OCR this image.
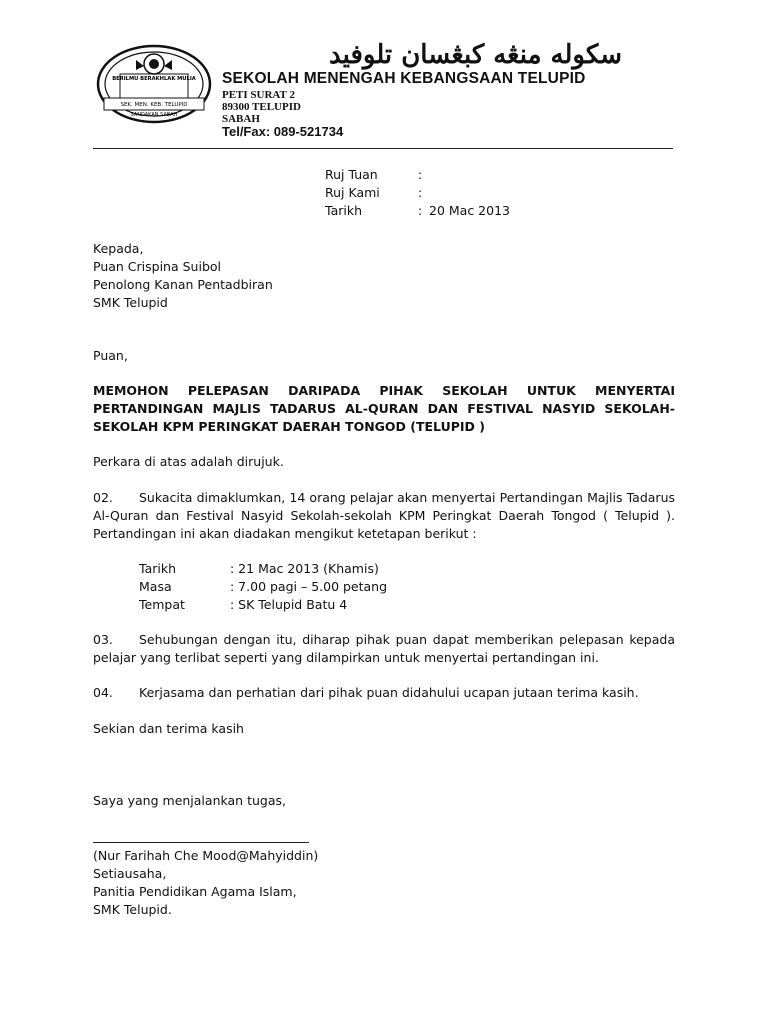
BERILMU BERAKHLAK MULIA
SEK. MEN. KEB. TELUPID
SANDAKAN SABAH
سكوله منڠه كبڠسان تلوفيد
SEKOLAH MENENGAH KEBANGSAAN TELUPID
PETI SURAT 2
89300 TELUPID
SABAH
Tel/Fax: 089-521734
Ruj Tuan	:
Ruj Kami	:
Tarikh	: 20 Mac 2013
Kepada,
Puan Crispina Suibol
Penolong Kanan Pentadbiran
SMK Telupid
Puan,
MEMOHON PELEPASAN DARIPADA PIHAK SEKOLAH UNTUK MENYERTAI PERTANDINGAN MAJLIS TADARUS AL-QURAN DAN FESTIVAL NASYID SEKOLAH-SEKOLAH KPM PERINGKAT DAERAH TONGOD (TELUPID )
Perkara di atas adalah dirujuk.
02. Sukacita dimaklumkan, 14 orang pelajar akan menyertai Pertandingan Majlis Tadarus Al-Quran dan Festival Nasyid Sekolah-sekolah KPM Peringkat Daerah Tongod ( Telupid ). Pertandingan ini akan diadakan mengikut ketetapan berikut :
Tarikh	: 21 Mac 2013 (Khamis)
Masa	: 7.00 pagi – 5.00 petang
Tempat	: SK Telupid Batu 4
03. Sehubungan dengan itu, diharap pihak puan dapat memberikan pelepasan kepada pelajar yang terlibat seperti yang dilampirkan untuk menyertai pertandingan ini.
04. Kerjasama dan perhatian dari pihak puan didahului ucapan jutaan terima kasih.
Sekian dan terima kasih
Saya yang menjalankan tugas,
(Nur Farihah Che Mood@Mahyiddin)
Setiausaha,
Panitia Pendidikan Agama Islam,
SMK Telupid.
